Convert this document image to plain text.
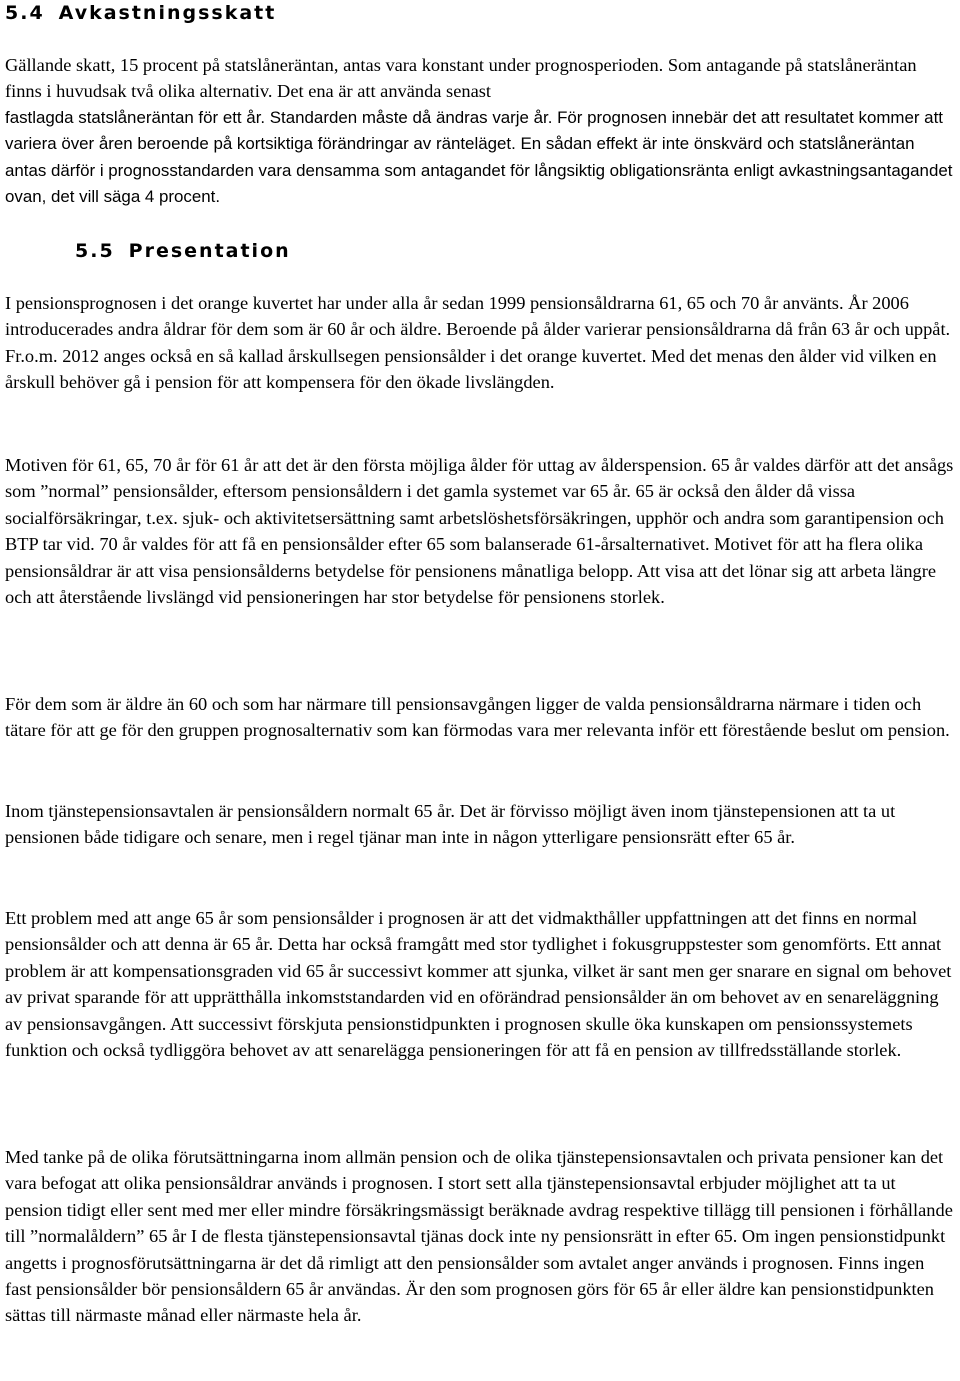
5.4 Avkastningsskatt

Gällande skatt, 15 procent på statslåneräntan, antas vara konstant under prognosperioden. Som antagande på statslåneräntan finns i huvudsak två olika alternativ. Det ena är att använda senast

fastlagda statslåneräntan för ett år. Standarden måste då ändras varje år. För prognosen innebär det att resultatet kommer att variera över åren beroende på kortsiktiga förändringar av ränteläget. En sådan effekt är inte önskvärd och statslåneräntan antas därför i prognosstandarden vara densamma som antagandet för långsiktig obligationsränta enligt avkastningsantagandet ovan, det vill säga 4 procent.

5.5 Presentation

I pensionsprognosen i det orange kuvertet har under alla år sedan 1999 pensionsåldrarna 61, 65 och 70 år använts. År 2006 introducerades andra åldrar för dem som är 60 år och äldre. Beroende på ålder varierar pensionsåldrarna då från 63 år och uppåt. Fr.o.m. 2012 anges också en så kallad årskullsegen pensionsålder i det orange kuvertet. Med det menas den ålder vid vilken en årskull behöver gå i pension för att kompensera för den ökade livslängden.

Motiven för 61, 65, 70 år för 61 år att det är den första möjliga ålder för uttag av ålderspension. 65 år valdes därför att det ansågs som ”normal” pensionsålder, eftersom pensionsåldern i det gamla systemet var 65 år. 65 är också den ålder då vissa socialförsäkringar, t.ex. sjuk- och aktivitetsersättning samt arbetslöshetsförsäkringen, upphör och andra som garantipension och BTP tar vid. 70 år valdes för att få en pensionsålder efter 65 som balanserade 61-årsalternativet. Motivet för att ha flera olika pensionsåldrar är att visa pensionsålderns betydelse för pensionens månatliga belopp. Att visa att det lönar sig att arbeta längre och att återstående livslängd vid pensioneringen har stor betydelse för pensionens storlek.

För dem som är äldre än 60 och som har närmare till pensionsavgången ligger de valda pensionsåldrarna närmare i tiden och tätare för att ge för den gruppen prognosalternativ som kan förmodas vara mer relevanta inför ett förestående beslut om pension.

Inom tjänstepensionsavtalen är pensionsåldern normalt 65 år. Det är förvisso möjligt även inom tjänstepensionen att ta ut pensionen både tidigare och senare, men i regel tjänar man inte in någon ytterligare pensionsrätt efter 65 år.

Ett problem med att ange 65 år som pensionsålder i prognosen är att det vidmakthåller uppfattningen att det finns en normal pensionsålder och att denna är 65 år. Detta har också framgått med stor tydlighet i fokusgruppstester som genomförts. Ett annat problem är att kompensationsgraden vid 65 år successivt kommer att sjunka, vilket är sant men ger snarare en signal om behovet av privat sparande för att upprätthålla inkomststandarden vid en oförändrad pensionsålder än om behovet av en senareläggning av pensionsavgången. Att successivt förskjuta pensionstidpunkten i prognosen skulle öka kunskapen om pensionssystemets funktion och också tydliggöra behovet av att senarelägga pensioneringen för att få en pension av tillfredsställande storlek.

Med tanke på de olika förutsättningarna inom allmän pension och de olika tjänstepensionsavtalen och privata pensioner kan det vara befogat att olika pensionsåldrar används i prognosen. I stort sett alla tjänstepensionsavtal erbjuder möjlighet att ta ut pension tidigt eller sent med mer eller mindre försäkringsmässigt beräknade avdrag respektive tillägg till pensionen i förhållande till ”normalåldern” 65 år I de flesta tjänstepensionsavtal tjänas dock inte ny pensionsrätt in efter 65. Om ingen pensionstidpunkt angetts i prognosförutsättningarna är det då rimligt att den pensionsålder som avtalet anger används i prognosen. Finns ingen fast pensionsålder bör pensionsåldern 65 år användas. Är den som prognosen görs för 65 år eller äldre kan pensionstidpunkten sättas till närmaste månad eller närmaste hela år.
